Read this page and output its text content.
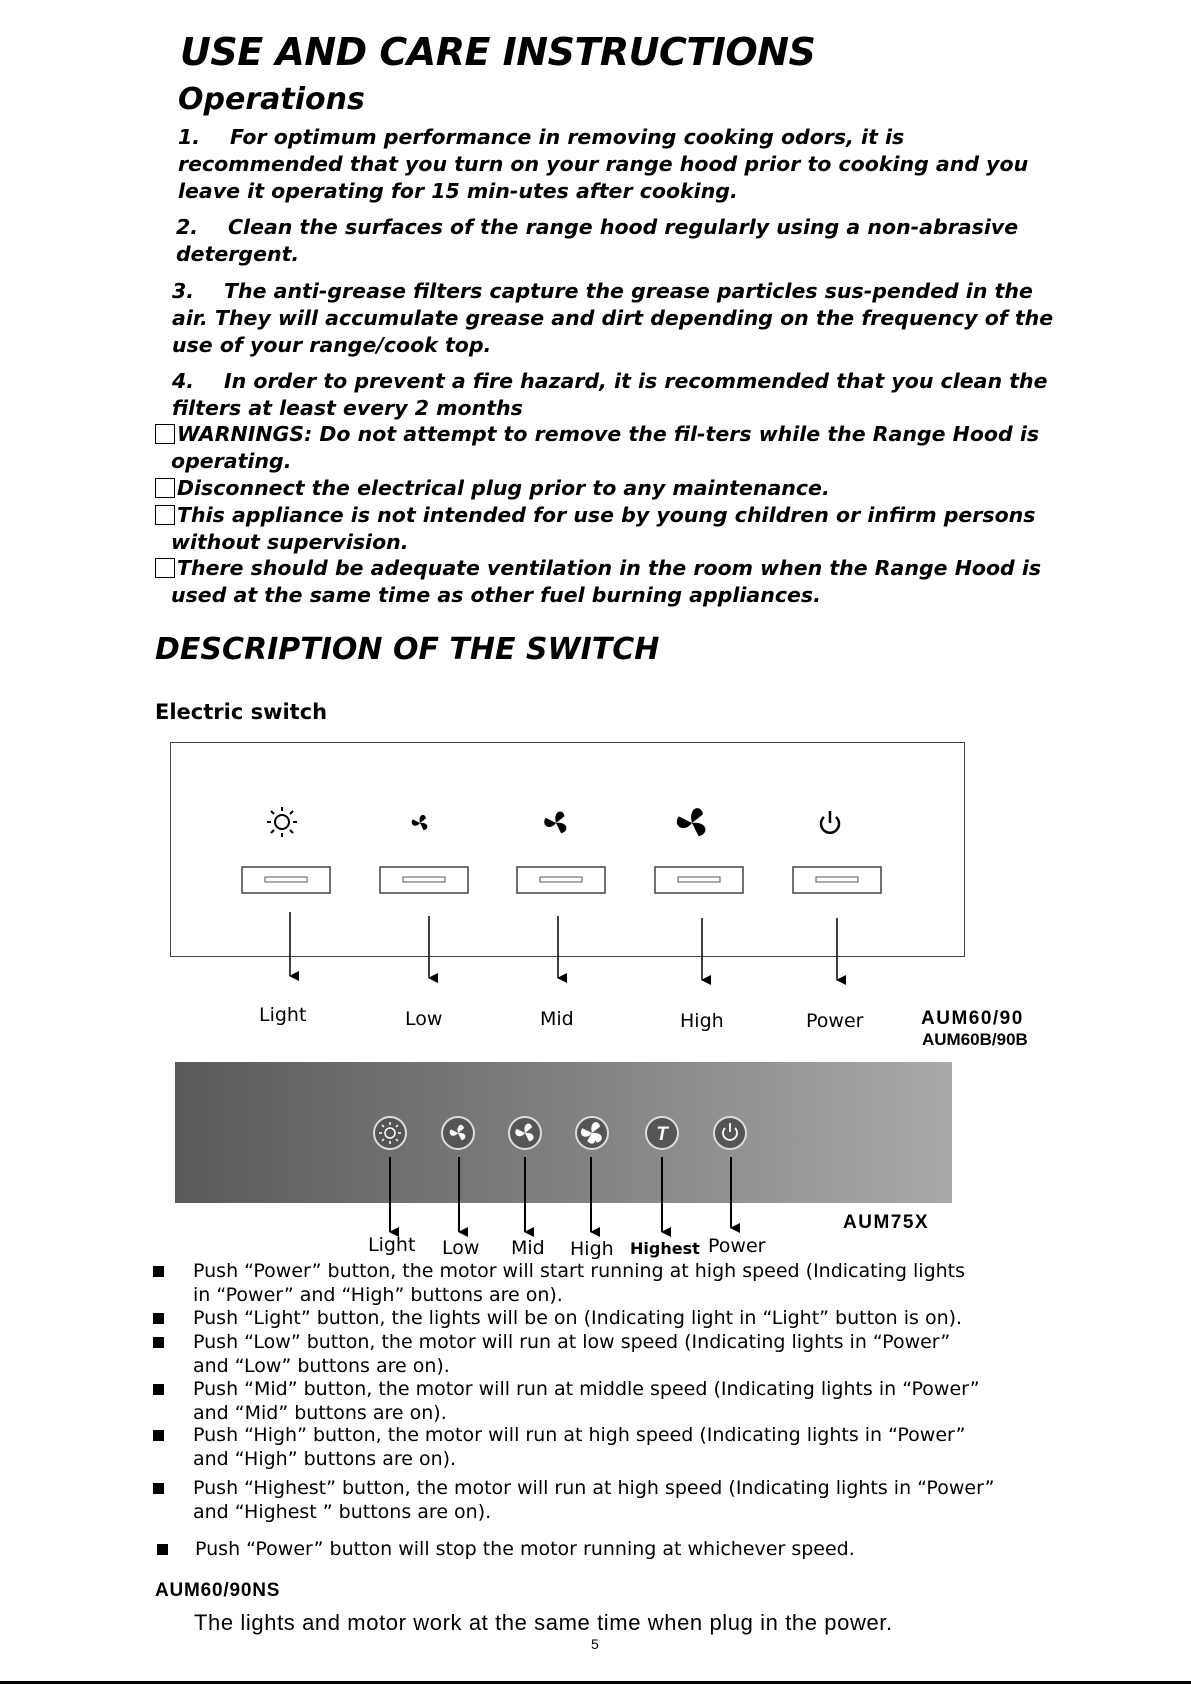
USE AND CARE INSTRUCTIONS
Operations
1. For optimum performance in removing cooking odors, it is
recommended that you turn on your range hood prior to cooking and you
leave it operating for 15 min-utes after cooking.
2. Clean the surfaces of the range hood regularly using a non-abrasive
detergent.
3. The anti-grease filters capture the grease particles sus-pended in the
air. They will accumulate grease and dirt depending on the frequency of the
use of your range/cook top.
4. In order to prevent a fire hazard, it is recommended that you clean the
filters at least every 2 months
WARNINGS: Do not attempt to remove the fil-ters while the Range Hood is
operating.
Disconnect the electrical plug prior to any maintenance.
This appliance is not intended for use by young children or infirm persons
without supervision.
There should be adequate ventilation in the room when the Range Hood is
used at the same time as other fuel burning appliances.
DESCRIPTION OF THE SWITCH
Electric switch
T
Light	Low	Mid	High	Power	AUM60/90
AUM60B/90B
Light Low Mid High Highest Power
AUM75X
Push “Power” button, the motor will start running at high speed (Indicating lights
in “Power” and “High” buttons are on).
Push “Light” button, the lights will be on (Indicating light in “Light” button is on).
Push “Low” button, the motor will run at low speed (Indicating lights in “Power”
and “Low” buttons are on).
Push “Mid” button, the motor will run at middle speed (Indicating lights in “Power”
and “Mid” buttons are on).
Push “High” button, the motor will run at high speed (Indicating lights in “Power”
and “High” buttons are on).
Push “Highest” button, the motor will run at high speed (Indicating lights in “Power”
and “Highest ” buttons are on).
Push “Power” button will stop the motor running at whichever speed.
AUM60/90NS
The lights and motor work at the same time when plug in the power.
5
